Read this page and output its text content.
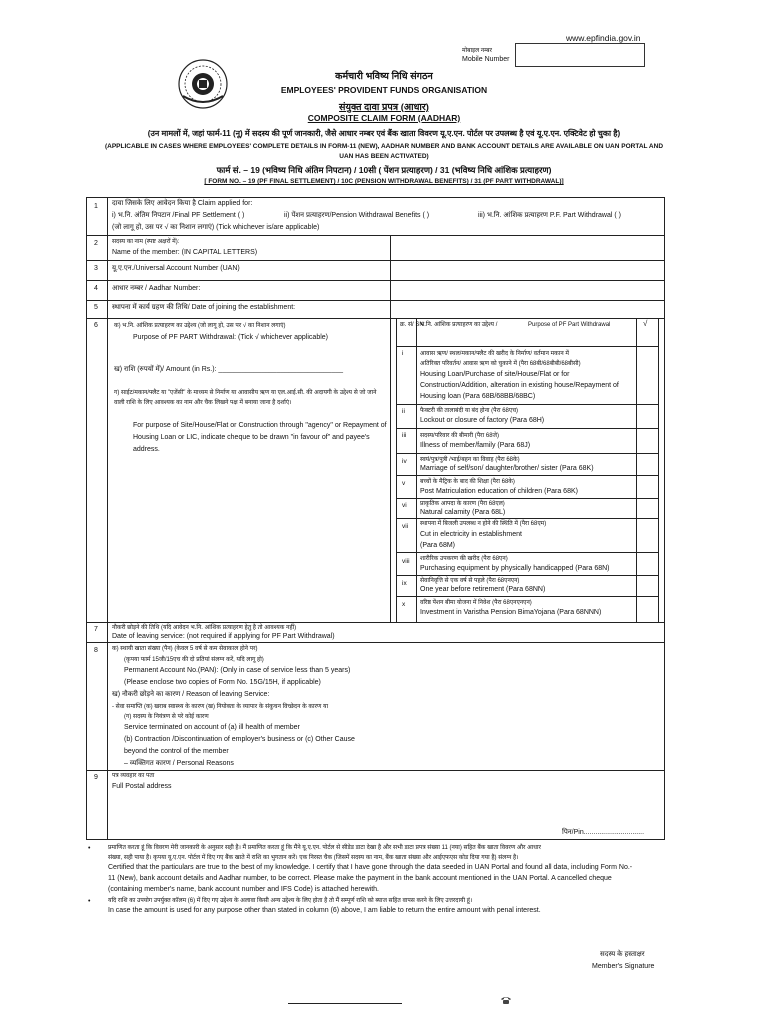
www.epfindia.gov.in
मोबाइल नम्बर
Mobile Number
कर्मचारी भविष्य निधि संगठन
EMPLOYEES' PROVIDENT FUNDS ORGANISATION
संयुक्त दावा प्रपत्र (आधार)
COMPOSITE CLAIM FORM (AADHAR)
(उन मामलों में, जहां फार्म-11 (नू) में सदस्य की पूर्ण जानकारी, जैसे आधार नम्बर एवं बैंक खाता विवरण यू.ए.एन. पोर्टल पर उपलब्ध है एवं यू.ए.एन. एक्टिवेट हो चुका है)
(APPLICABLE IN CASES WHERE EMPLOYEES' COMPLETE DETAILS IN FORM-11 (NEW), AADHAR NUMBER AND BANK ACCOUNT DETAILS ARE AVAILABLE ON UAN PORTAL AND UAN HAS BEEN ACTIVATED)
फार्म सं. – 19 (भविष्य निधि अंतिम निपटान) / 10सी ( पेंशन प्रत्याहरण) / 31 (भविष्य निधि आंशिक प्रत्याहरण)
[ FORM NO. – 19 (PF FINAL SETTLEMENT) / 10C (PENSION WITHDRAWAL BENEFITS) / 31 (PF PART WITHDRAWAL)]
क्र. सं/ SN
भ.नि. आंशिक प्रत्याहरण का उद्देश्य /	Purpose of PF Part Withdrawal	√
i	आवास ऋण/ स्थल/मकान/फ्लैट की खरीद के निर्माण/ वर्तमान मकान में
अतिरिक्त परिवर्तन/ आवास ऋण को चुकाने में (पैरा 68बी/68बीबी/68बीसी)
Housing Loan/Purchase of site/House/Flat or for
Construction/Addition, alteration in existing house/Repayment of
Housing loan (Para 68B/68BB/68BC)
ii	फैक्टरी की तालाबंदी या बंद होना (पैरा 68एच)
Lockout or closure of factory (Para 68H)
iii सदस्य/परिवार की बीमारी (पैरा 68जे)
Illness of member/family (Para 68J)
iv स्वयं/पुत्र/पुत्री /भाई/बहन का विवाह (पैरा 68के)
Marriage of self/son/ daughter/brother/ sister (Para 68K)
v बच्चों के मैट्रिक के बाद की शिक्षा (पैरा 68के)
Post Matriculation education of children (Para 68K)
vi प्राकृतिक आपदा के कारण (पैरा 68एल)
Natural calamity (Para 68L)
vii स्थापना में बिजली उपलब्ध न होने की स्थिति में (पैरा 68एम)
Cut in electricity in establishment
(Para 68M)
viii शारीरिक उपकरण की खरीद (पैरा 68एन)
Purchasing equipment by physically handicapped (Para 68N)
ix सेवानिवृत्ति से एक वर्ष से पहले (पैरा 68एनएन)
One year before retirement (Para 68NN)
x वरिष्ठ पेंशन बीमा योजना में निवेश (पैरा 68एनएनएन)
Investment in Varistha Pension BimaYojana (Para 68NNN)
1 दावा जिसके लिए आवेदन किया है Claim applied for:
i) भ.नि. अंतिम निपटान /Final PF Settlement ( )	ii) पेंशन प्रत्याहरण/Pension Withdrawal Benefits ( )	iii) भ.नि. आंशिक प्रत्याहरण P.F. Part Withdrawal ( )
(जो लागू हो, उस पर √ का निशान लगाएं) (Tick whichever is/are applicable)
2 सदस्य का नाम (स्पष्ट अक्षरों में):
Name of the member: (IN CAPITAL LETTERS)
3 यू.ए.एन./Universal Account Number (UAN)
4 आधार नम्बर / Aadhar Number:
5 स्थापना में कार्य ग्रहण की तिथि/ Date of joining the establishment:
6	क) भ.नि. आंशिक प्रत्याहरण का उद्देश्य (जो लागू हो, उस पर √ का निशान लगाएं)
Purpose of PF PART Withdrawal: (Tick √ whichever applicable)
ख) राशि (रुपयों में)/ Amount (in Rs.): ________________________________
ग) साईट/मकान/फ्लैट या "एजेंसी" के माध्यम से निर्माण या आवासीय ऋण या एल.आई.सी. की अदायगी के उद्देश्य से जो जाने वाली राशि के लिए आवश्यक का नाम और चैक लिखने पक्ष में बनाया जाना है दर्शाएं।
For purpose of Site/House/Flat or Construction through "agency" or Repayment of Housing Loan or LIC, indicate cheque to be drawn "in favour of" and payee's address.
7 नौकरी छोड़ने की तिथि (यदि आवेदन भ.नि. आंशिक प्रत्याहरण हेतु है तो आवश्यक नहीं)
Date of leaving service: (not required if applying for PF Part Withdrawal)
8 क) स्थायी खाता संख्या (पैन) (केवल 5 वर्ष से कम सेवाकाल होने पर)
(कृपया फार्म 15जी/15एच की दो प्रतियां संलग्न करें, यदि लागू हो)
Permanent Account No.(PAN): (Only in case of service less than 5 years)
(Please enclose two copies of Form No. 15G/15H, if applicable)
ख) नौकरी छोड़ने का कारण / Reason of leaving Service:
- सेवा समाप्ति (क) खराब स्वास्थ्य के कारण (ख) नियोक्ता के व्यापार के संकुचन विच्छेदन के कारण या
(ग) सदस्य के नियंत्रण से परे कोई कारण
Service terminated on account of (a) ill health of member
(b) Contraction /Discontinuation of employer's business or (c) Other Cause
beyond the control of the member
– व्यक्तिगत कारण / Personal Reasons
9 पत्र व्यवहार का पता
Full Postal address
पिन/Pin...............................
•	प्रमाणित करता हूं कि विवरण मेरी जानकारी के अनुसार सही है। मैं प्रमाणित करता हूं कि मैंने यू.ए.एन. पोर्टल से सीडेड डाटा देखा है और सभी डाटा प्रपत्र संख्या 11 (नया) सहित बैंक खाता विवरण और आधार
संख्या, सही पाया है। कृपया यू.ए.एन. पोर्टल में दिए गए बैंक खाते में राशि का भुगतान करें। एक निरस्त चैक (जिसमें सदस्य का नाम, बैंक खाता संख्या और आईएफएस कोड दिया गया है) संलग्न है।
Certified that the particulars are true to the best of my knowledge. I certify that I have gone through the data seeded in UAN Portal and found all data, including Form No.-
11 (New), bank account details and Aadhar number, to be correct. Please make the payment in the bank account mentioned in the UAN Portal. A cancelled cheque
(containing member's name, bank account number and IFS Code) is attached herewith.
•	यदि राशि का उपयोग उपर्युक्त कॉलम (6) में दिए गए उद्देश्य के अलावा किसी अन्य उद्देश्य के लिए होता है तो मैं सम्पूर्ण राशि को ब्याज सहित वापस करने के लिए उत्तरदायी हूं।
In case the amount is used for any purpose other than stated in column (6) above, I am liable to return the entire amount with penal interest.
सदस्य के हस्ताक्षर
Member's Signature
